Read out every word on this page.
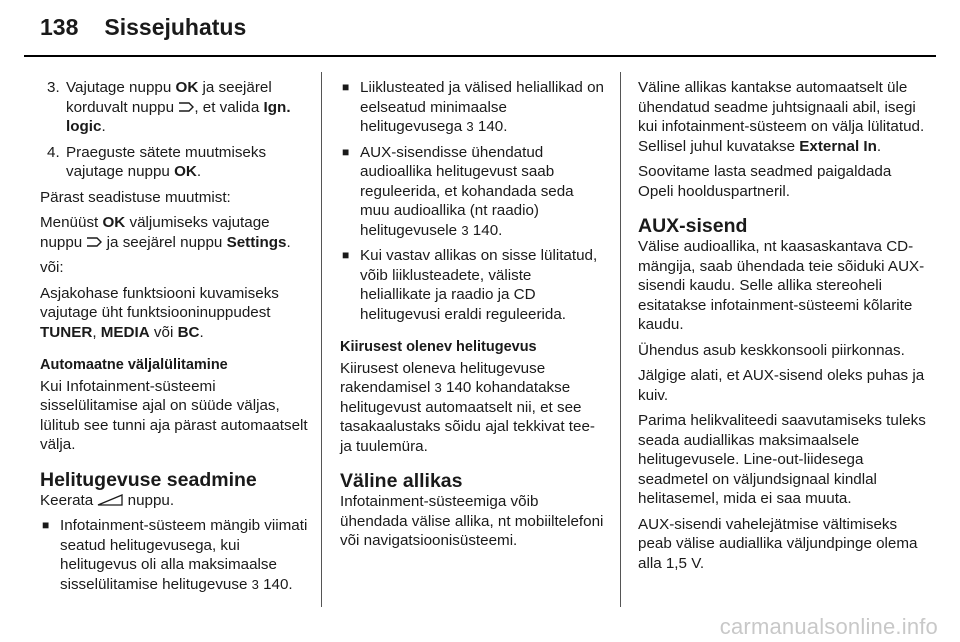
138 Sissejuhatus
3. Vajutage nuppu OK ja seejärel korduvalt nuppu , et valida Ign. logic.
4. Praeguste sätete muutmiseks vajutage nuppu OK.

Pärast seadistuse muutmist:

Menüüst OK väljumiseks vajutage nuppu  ja seejärel nuppu Settings.

või:

Asjakohase funktsiooni kuvamiseks vajutage üht funktsiooninuppudest TUNER, MEDIA või BC.

Automaatne väljalülitamine

Kui Infotainment-süsteemi sisselülitamise ajal on süüde väljas, lülitub see tunni aja pärast automaatselt välja.

Helitugevuse seadmine

Keerata  nuppu.

■ Infotainment-süsteem mängib viimati seatud helitugevusega, kui helitugevus oli alla maksimaalse sisselülitamise helitugevuse 3 140.
■ Liiklusteated ja välised heliallikad on eelseatud minimaalse helitugevusega 3 140.
■ AUX-sisendisse ühendatud audioallika helitugevust saab reguleerida, et kohandada seda muu audioallika (nt raadio) helitugevusele 3 140.
■ Kui vastav allikas on sisse lülitatud, võib liiklusteadete, väliste heliallikate ja raadio ja CD helitugevusi eraldi reguleerida.
Kiirusest olenev helitugevus

Kiirusest oleneva helitugevuse rakendamisel 3 140 kohandatakse helitugevust automaatselt nii, et see tasakaalustaks sõidu ajal tekkivat tee- ja tuulemüra.

Väline allikas

Infotainment-süsteemiga võib ühendada välise allika, nt mobiiltelefoni või navigatsioonisüsteemi.

Väline allikas kantakse automaatselt üle ühendatud seadme juhtsignaali abil, isegi kui infotainment-süsteem on välja lülitatud. Sellisel juhul kuvatakse External In.

Soovitame lasta seadmed paigaldada Opeli hoolduspartneril.

AUX-sisend

Välise audioallika, nt kaasaskantava CD-mängija, saab ühendada teie sõiduki AUX-sisendi kaudu. Selle allika stereoheli esitatakse infotainment-süsteemi kõlarite kaudu.

Ühendus asub keskkonsooli piirkonnas.

Jälgige alati, et AUX-sisend oleks puhas ja kuiv.

Parima helikvaliteedi saavutamiseks tuleks seada audiallikas maksimaalsele helitugevusele. Line-out-liidesega seadmetel on väljundsignaal kindlal helitasemel, mida ei saa muuta.

AUX-sisendi vahelejätmise vältimiseks peab välise audiallika väljundpinge olema alla 1,5 V.

carmanualsonline.info
